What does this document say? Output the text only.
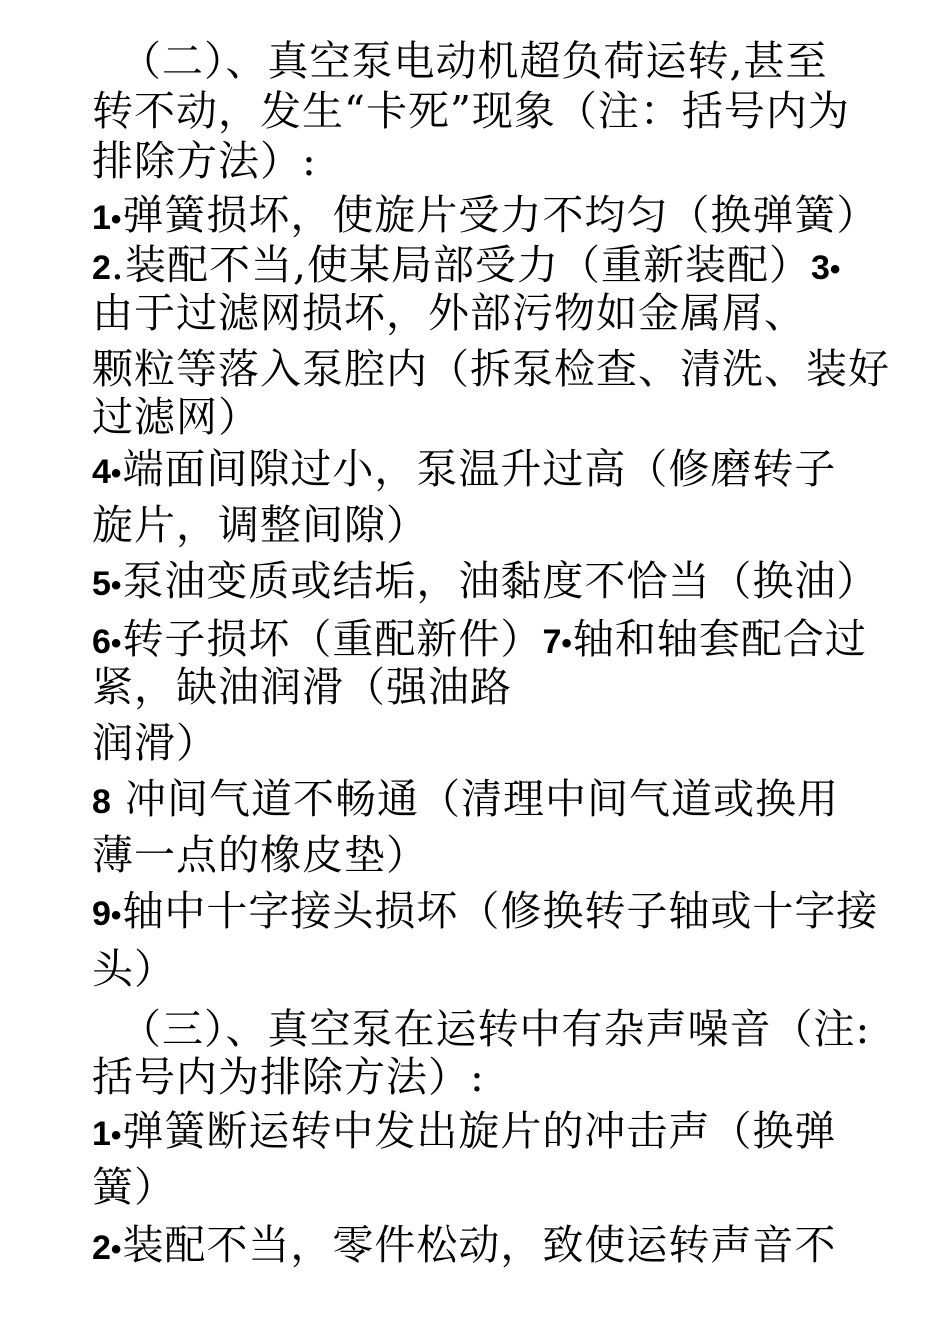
（二）、真空泵电动机超负荷运转,甚至
转不动，发生“卡死”现象（注：括号内为
排除方法）:
1•弹簧损坏，使旋片受力不均匀（换弹簧）
2.装配不当,使某局部受力（重新装配）3•
由于过滤网损坏，外部污物如金属屑、
颗粒等落入泵腔内（拆泵检查、清洗、装好
过滤网）
4•端面间隙过小，泵温升过高（修磨转子
旋片，调整间隙）
5•泵油变质或结垢，油黏度不恰当（换油）
6•转子损坏（重配新件）7•轴和轴套配合过
紧，缺油润滑（强油路
润滑）
8 冲间气道不畅通（清理中间气道或换用
薄一点的橡皮垫）
9•轴中十字接头损坏（修换转子轴或十字接
头）
（三）、真空泵在运转中有杂声噪音（注:
括号内为排除方法）:
1•弹簧断运转中发出旋片的冲击声（换弹
簧）
2•装配不当，零件松动，致使运转声音不
